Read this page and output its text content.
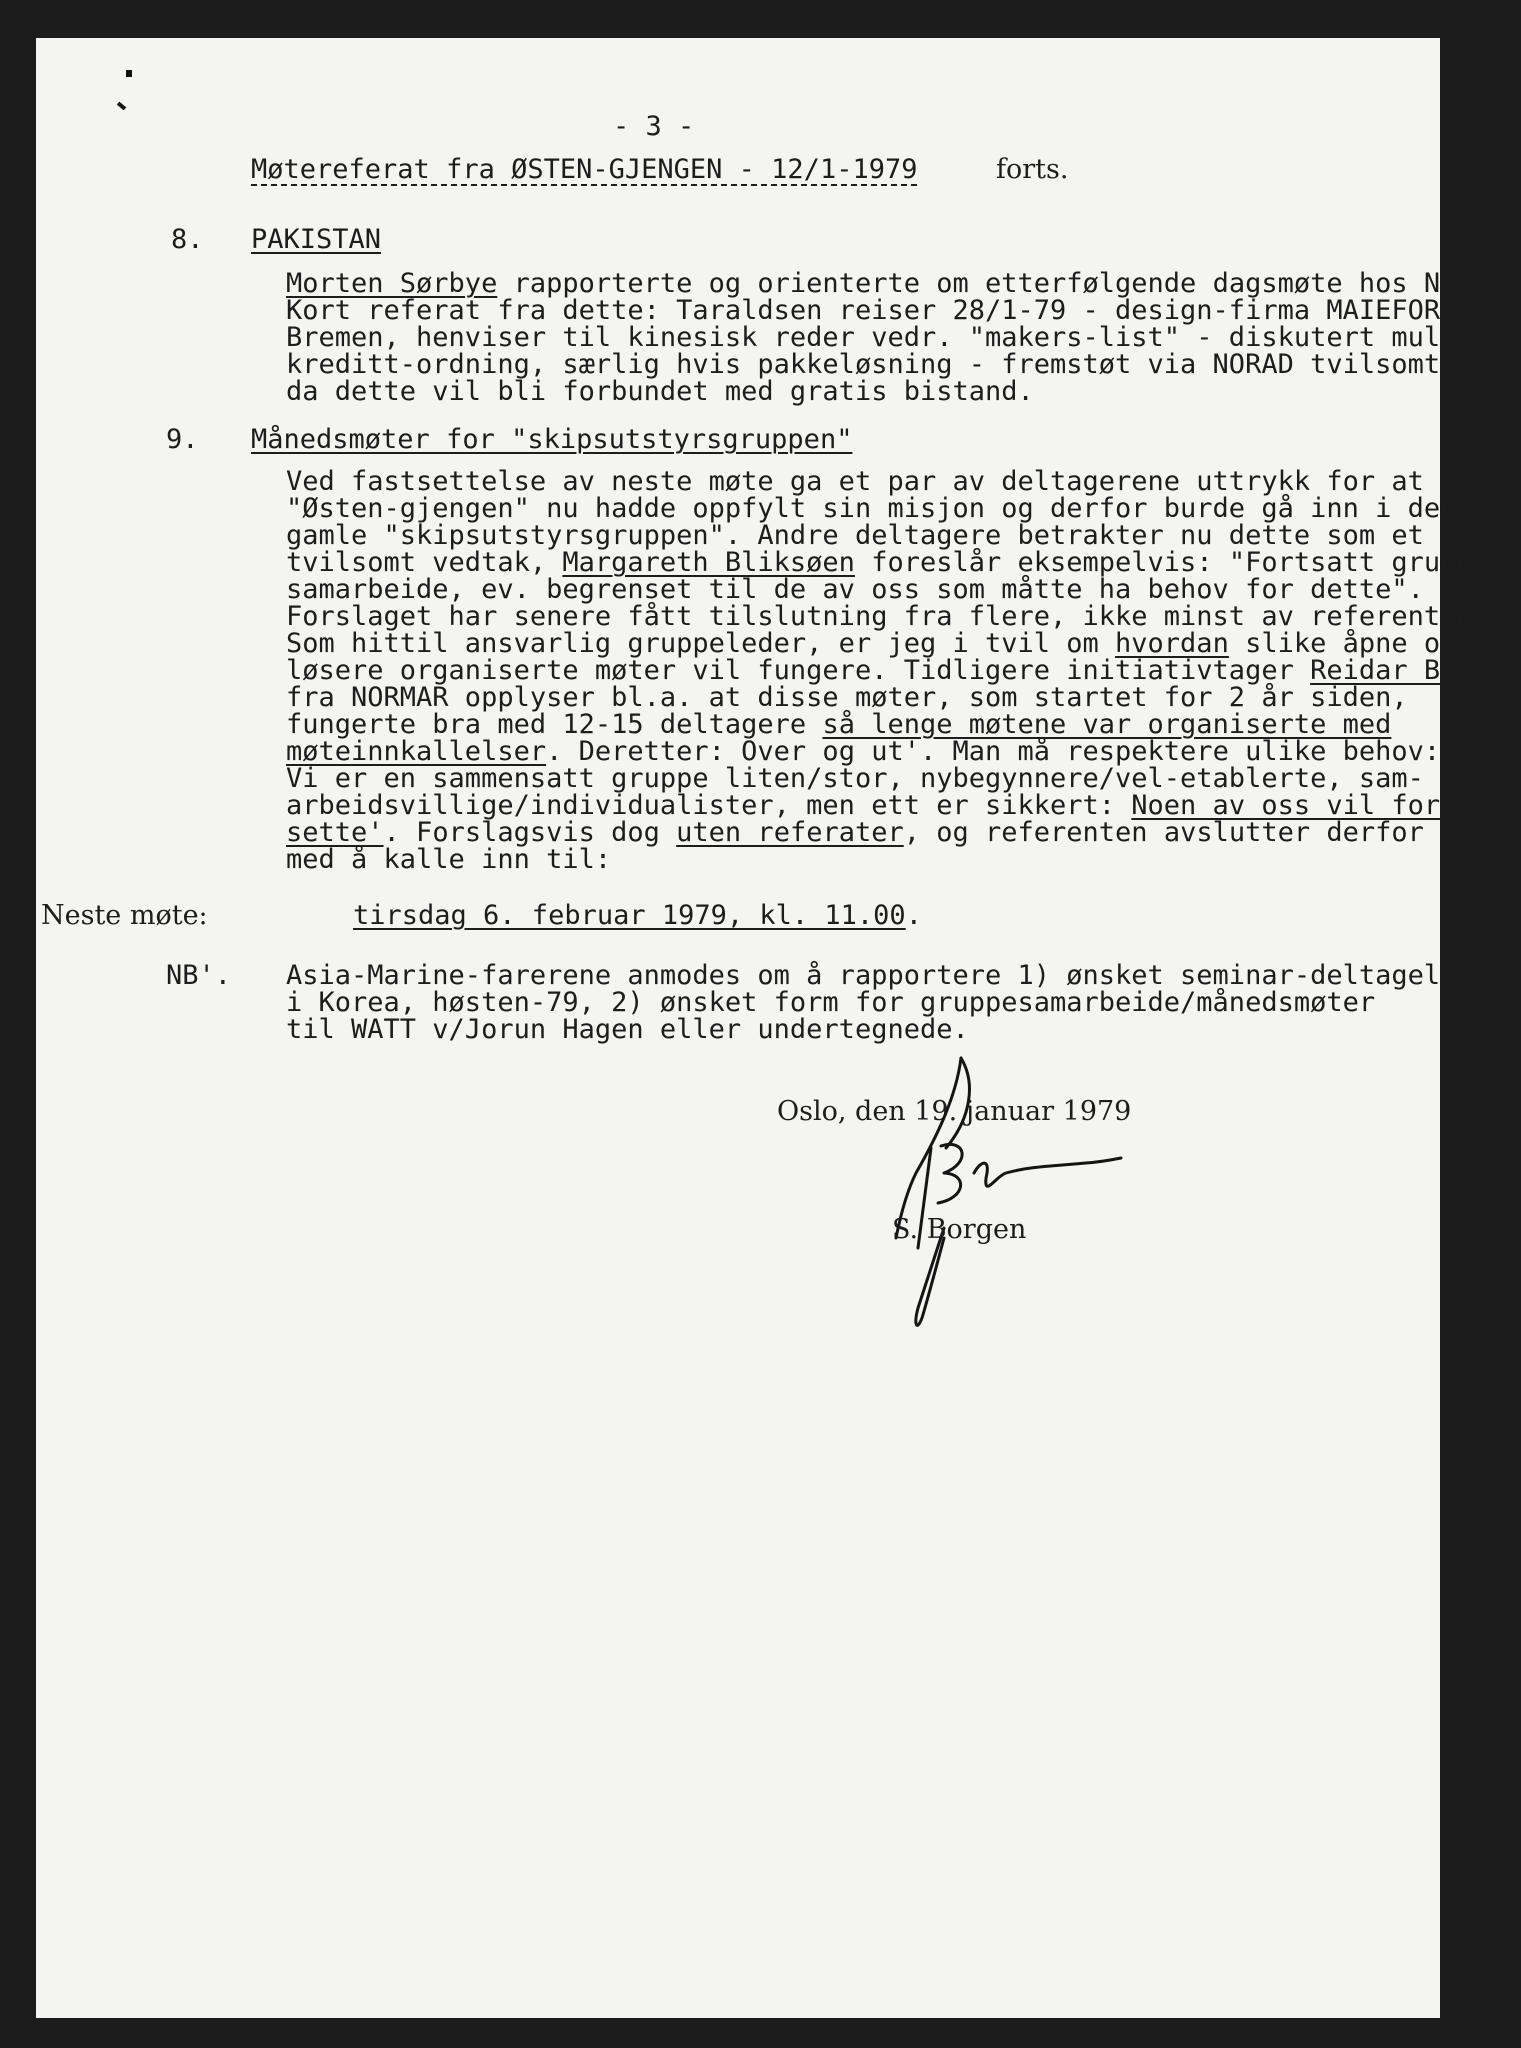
- 3 -
Møtereferat fra ØSTEN-GJENGEN - 12/1-1979	forts.
8. PAKISTAN
Morten Sørbye rapporterte og orienterte om etterfølgende dagsmøte hos N.E.
Kort referat fra dette: Taraldsen reiser 28/1-79 - design-firma MAIEFORM,
Bremen, henviser til kinesisk reder vedr. "makers-list" - diskutert mulig
kreditt-ordning, særlig hvis pakkeløsning - fremstøt via NORAD tvilsomt
da dette vil bli forbundet med gratis bistand.
9. Månedsmøter for "skipsutstyrsgruppen"
Ved fastsettelse av neste møte ga et par av deltagerene uttrykk for at
"Østen-gjengen" nu hadde oppfylt sin misjon og derfor burde gå inn i den
gamle "skipsutstyrsgruppen". Andre deltagere betrakter nu dette som et
tvilsomt vedtak, Margareth Bliksøen foreslår eksempelvis: "Fortsatt gruppe-
samarbeide, ev. begrenset til de av oss som måtte ha behov for dette".
Forslaget har senere fått tilslutning fra flere, ikke minst av referenten.
Som hittil ansvarlig gruppeleder, er jeg i tvil om hvordan slike åpne og
løsere organiserte møter vil fungere. Tidligere initiativtager Reidar Bratli
fra NORMAR opplyser bl.a. at disse møter, som startet for 2 år siden,
fungerte bra med 12-15 deltagere så lenge møtene var organiserte med
møteinnkallelser. Deretter: Over og ut'. Man må respektere ulike behov:
Vi er en sammensatt gruppe liten/stor, nybegynnere/vel-etablerte, sam-
arbeidsvillige/individualister, men ett er sikkert: Noen av oss vil fort-
sette'. Forslagsvis dog uten referater, og referenten avslutter derfor
med å kalle inn til:
Neste møte:	tirsdag 6. februar 1979, kl. 11.00.
NB'. Asia-Marine-farerene anmodes om å rapportere 1) ønsket seminar-deltagelse
i Korea, høsten-79, 2) ønsket form for gruppesamarbeide/månedsmøter
til WATT v/Jorun Hagen eller undertegnede.
Oslo, den 19. januar 1979
S. Borgen
